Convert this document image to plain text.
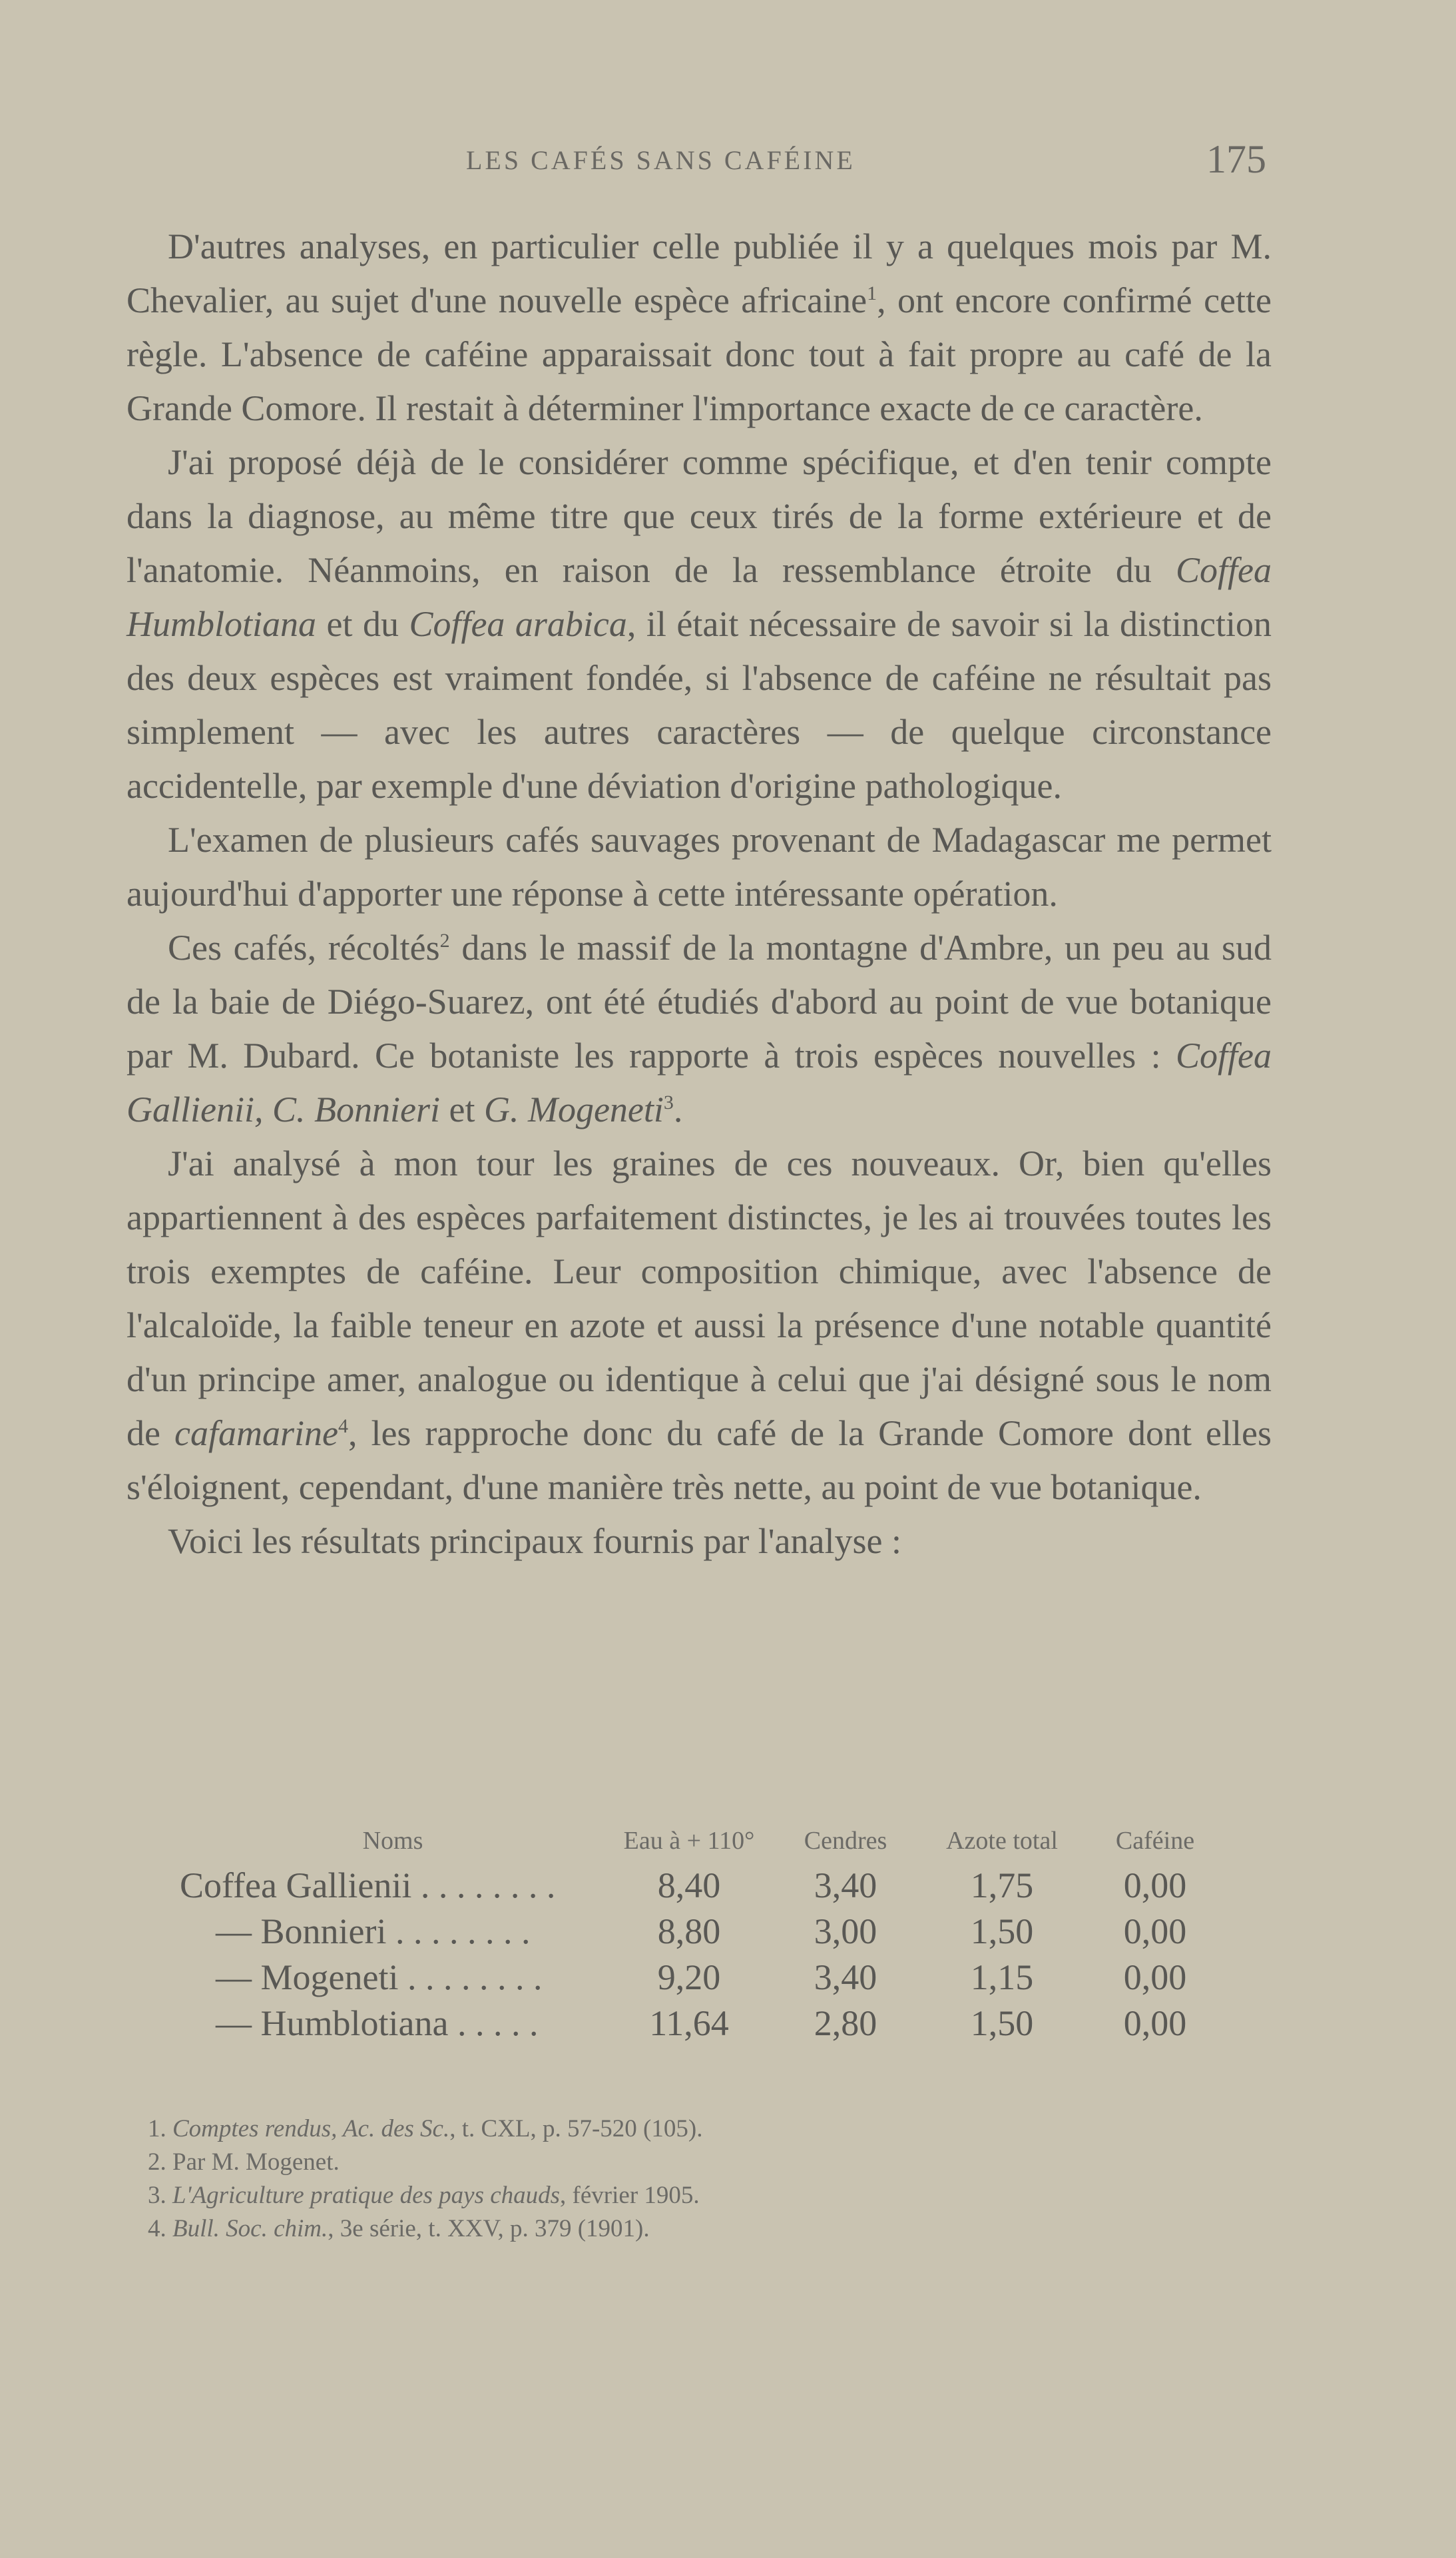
LES CAFÉS SANS CAFÉINE	175

D'autres analyses, en particulier celle publiée il y a quelques mois par M. Chevalier, au sujet d'une nouvelle espèce africaine$^1$, ont encore confirmé cette règle. L'absence de caféine apparaissait donc tout à fait propre au café de la Grande Comore. Il restait à déterminer l'importance exacte de ce caractère.

J'ai proposé déjà de le considérer comme spécifique, et d'en tenir compte dans la diagnose, au même titre que ceux tirés de la forme extérieure et de l'anatomie. Néanmoins, en raison de la ressemblance étroite du Coffea Humblotiana et du Coffea arabica, il était nécessaire de savoir si la distinction des deux espèces est vraiment fondée, si l'absence de caféine ne résultait pas simplement — avec les autres caractères — de quelque circonstance accidentelle, par exemple d'une déviation d'origine pathologique.

L'examen de plusieurs cafés sauvages provenant de Madagascar me permet aujourd'hui d'apporter une réponse à cette intéressante opération.

Ces cafés, récoltés$^2$ dans le massif de la montagne d'Ambre, un peu au sud de la baie de Diégo-Suarez, ont été étudiés d'abord au point de vue botanique par M. Dubard. Ce botaniste les rapporte à trois espèces nouvelles : Coffea Gallienii, C. Bonnieri et G. Mogeneti$^3$.

J'ai analysé à mon tour les graines de ces nouveaux. Or, bien qu'elles appartiennent à des espèces parfaitement distinctes, je les ai trouvées toutes les trois exemptes de caféine. Leur composition chimique, avec l'absence de l'alcaloïde, la faible teneur en azote et aussi la présence d'une notable quantité d'un principe amer, analogue ou identique à celui que j'ai désigné sous le nom de cafamarine$^4$, les rapproche donc du café de la Grande Comore dont elles s'éloignent, cependant, d'une manière très nette, au point de vue botanique.

Voici les résultats principaux fournis par l'analyse :

Noms	Eau à + 110°	Cendres	Azote total	Caféine
Coffea Gallienii . . . . . . . .	8,40	3,40	1,75	0,00
— Bonnieri . . . . . . . .	8,80	3,00	1,50	0,00
— Mogeneti . . . . . . . .	9,20	3,40	1,15	0,00
— Humblotiana . . . . .	11,64	2,80	1,50	0,00
1. Comptes rendus, Ac. des Sc., t. CXL, p. 57-520 (105).
2. Par M. Mogenet.
3. L'Agriculture pratique des pays chauds, février 1905.
4. Bull. Soc. chim., 3e série, t. XXV, p. 379 (1901).
